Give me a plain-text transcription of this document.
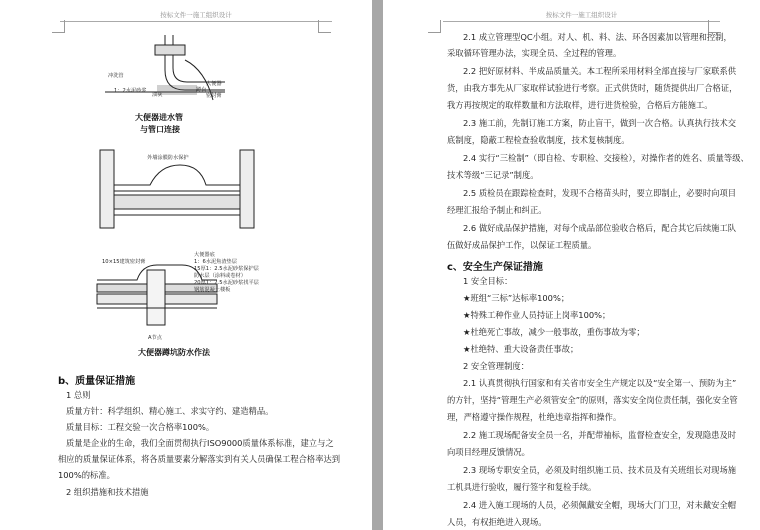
按标文件一施工组织设计
冲洗管
1：2水泥砂浆
油灰
大便器
蹲台
密封膏
大便器进水管
与管口连接
外墙涂膜防水保护
10×15建筑密封膏
大便器底
1：6水泥焦渣垫层
15厚1：2.5水泥砂浆保护层
防水层（涂料或卷材）
20厚1：2.5水泥砂浆找平层
钢筋混凝土楼板
A节点
大便器蹲坑防水作法
b、质量保证措施
1 总则
质量方针：科学组织、精心施工、求实守约、建造精品。
质量目标：工程交验一次合格率100%。
质量是企业的生命，我们全面贯彻执行ISO9000质量体系标准，建立与之
相应的质量保证体系，将各质量要素分解落实到有关人员确保工程合格率达到
100%的标准。
2 组织措施和技术措施
按标文件一施工组织设计
2.1 成立管理型QC小组。对人、机、料、法、环各因素加以管理和控制，
采取循环管理办法，实现全员、全过程的管理。
2.2 把好原材料、半成品质量关。本工程所采用材料全部直接与厂家联系供
货，由我方事先从厂家取样试验进行考察。正式供货时，随货提供出厂合格证，
我方再按规定的取样数量和方法取样，进行进货检验，合格后方能施工。
2.3 施工前，先制订施工方案，防止盲干，做到一次合格。认真执行技术交
底制度，隐蔽工程检查验收制度，技术复核制度。
2.4 实行“三检制”（即自检、专职检、交接检），对操作者的姓名、质量等级、
技术等级“三记录”制度。
2.5 质检员在跟踪检查时，发现不合格苗头时，要立即制止，必要时向项目
经理汇报给予制止和纠正。
2.6 做好成品保护措施，对每个成品部位验收合格后，配合其它后续施工队
伍做好成品保护工作，以保证工程质量。
c、安全生产保证措施
1 安全目标：
★班组“三标”达标率100%；
★特殊工种作业人员持证上岗率100%；
★杜绝死亡事故，减少一般事故，重伤事故为零；
★杜绝特、重大设备责任事故；
2 安全管理制度：
2.1 认真贯彻执行国家和有关省市安全生产规定以及“安全第一、预防为主”
的方针，坚持“管理生产必须管安全”的原则，落实安全岗位责任制，强化安全管
理，严格遵守操作规程，杜绝违章指挥和操作。
2.2 施工现场配备安全员一名，并配带袖标，监督检查安全，发现隐患及时
向项目经理反馈情况。
2.3 现场专职安全员，必须及时组织施工员、技术员及有关班组长对现场施
工机具进行验收，履行签字和复检手续。
2.4 进入施工现场的人员，必须佩戴安全帽，现场大门门卫，对未戴安全帽
人员，有权拒绝进入现场。
